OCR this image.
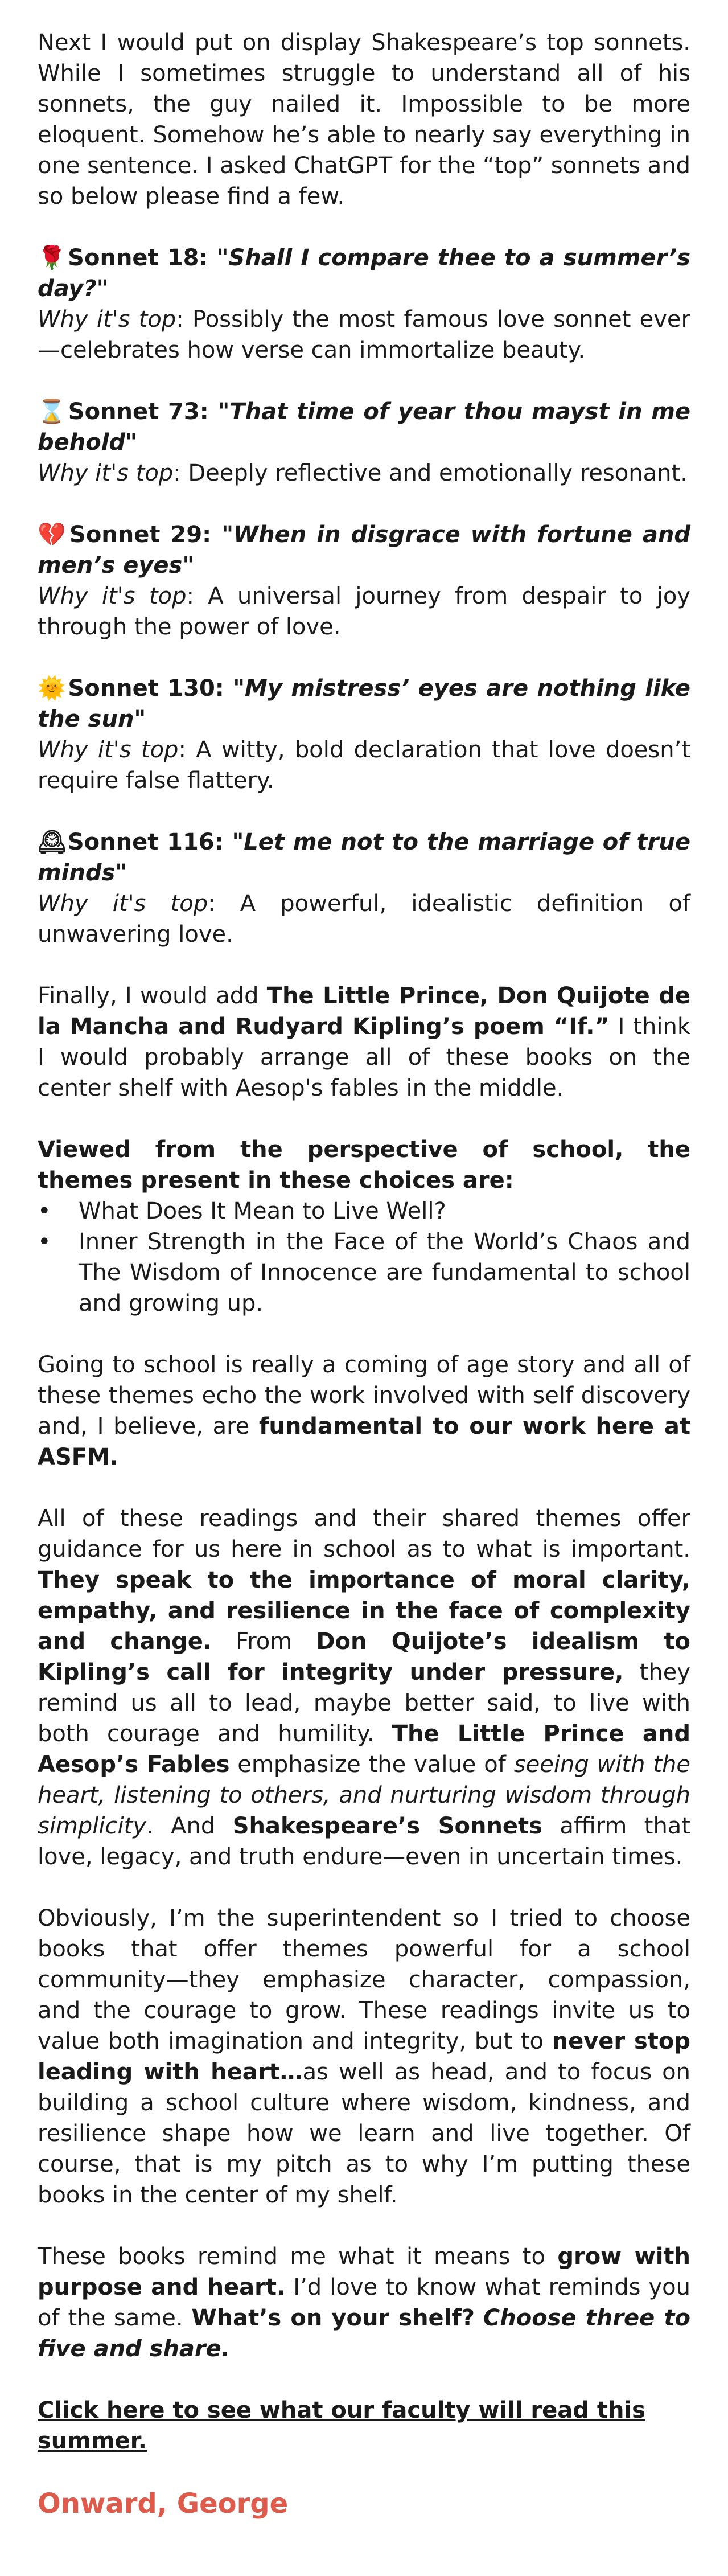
Next I would put on display Shakespeare’s top sonnets. While I sometimes struggle to understand all of his sonnets, the guy nailed it. Impossible to be more eloquent. Somehow he’s able to nearly say everything in one sentence. I asked ChatGPT for the “top” sonnets and so below please find a few.

🌹 Sonnet 18: "Shall I compare thee to a summer’s day?"
Why it's top: Possibly the most famous love sonnet ever—celebrates how verse can immortalize beauty.
⌛ Sonnet 73: "That time of year thou mayst in me behold"
Why it's top: Deeply reflective and emotionally resonant.
💔 Sonnet 29: "When in disgrace with fortune and men’s eyes"
Why it's top: A universal journey from despair to joy through the power of love.
🌞 Sonnet 130: "My mistress’ eyes are nothing like the sun"
Why it's top: A witty, bold declaration that love doesn’t require false flattery.
🕰 Sonnet 116: "Let me not to the marriage of true minds"
Why it's top: A powerful, idealistic definition of unwavering love.

Finally, I would add The Little Prince, Don Quijote de la Mancha and Rudyard Kipling’s poem “If.” I think I would probably arrange all of these books on the center shelf with Aesop's fables in the middle.

Viewed from the perspective of school, the themes present in these choices are:
• What Does It Mean to Live Well?
• Inner Strength in the Face of the World’s Chaos and The Wisdom of Innocence are fundamental to school and growing up.

Going to school is really a coming of age story and all of these themes echo the work involved with self discovery and, I believe, are fundamental to our work here at ASFM.

All of these readings and their shared themes offer guidance for us here in school as to what is important. They speak to the importance of moral clarity, empathy, and resilience in the face of complexity and change. From Don Quijote’s idealism to Kipling’s call for integrity under pressure, they remind us all to lead, maybe better said, to live with both courage and humility. The Little Prince and Aesop’s Fables emphasize the value of seeing with the heart, listening to others, and nurturing wisdom through simplicity. And Shakespeare’s Sonnets affirm that love, legacy, and truth endure—even in uncertain times.

Obviously, I’m the superintendent so I tried to choose books that offer themes powerful for a school community—they emphasize character, compassion, and the courage to grow. These readings invite us to value both imagination and integrity, but to never stop leading with heart…as well as head, and to focus on building a school culture where wisdom, kindness, and resilience shape how we learn and live together. Of course, that is my pitch as to why I’m putting these books in the center of my shelf.

These books remind me what it means to grow with purpose and heart. I’d love to know what reminds you of the same. What’s on your shelf? Choose three to five and share.

Click here to see what our faculty will read this summer.
Onward, George
